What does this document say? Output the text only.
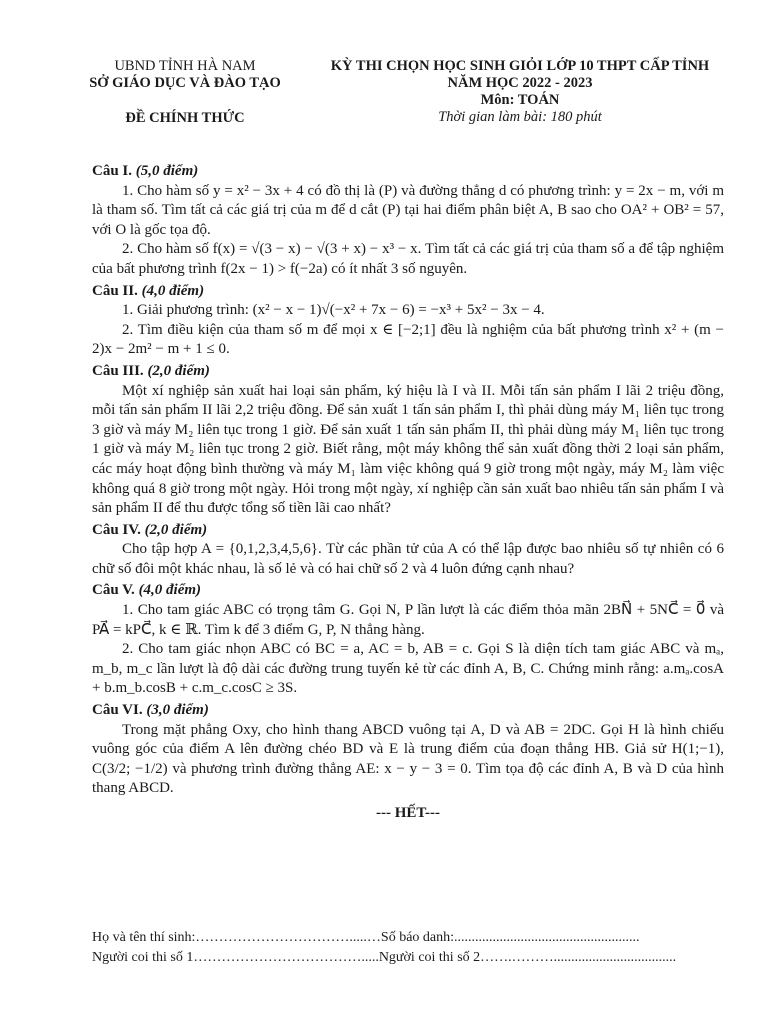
UBND TỈNH HÀ NAM
SỞ GIÁO DỤC VÀ ĐÀO TẠO
ĐỀ CHÍNH THỨC
KỲ THI CHỌN HỌC SINH GIỎI LỚP 10 THPT CẤP TỈNH
NĂM HỌC 2022 - 2023
Môn: TOÁN
Thời gian làm bài: 180 phút
Câu I. (5,0 điểm)

1. Cho hàm số y = x² − 3x + 4 có đồ thị là (P) và đường thẳng d có phương trình: y = 2x − m, với m là tham số. Tìm tất cả các giá trị của m để d cắt (P) tại hai điểm phân biệt A, B sao cho OA² + OB² = 57, với O là gốc tọa độ.

2. Cho hàm số f(x) = √(3 − x) − √(3 + x) − x³ − x. Tìm tất cả các giá trị của tham số a để tập nghiệm của bất phương trình f(2x − 1) > f(−2a) có ít nhất 3 số nguyên.

Câu II. (4,0 điểm)

1. Giải phương trình: (x² − x − 1)√(−x² + 7x − 6) = −x³ + 5x² − 3x − 4.

2. Tìm điều kiện của tham số m để mọi x ∈ [−2;1] đều là nghiệm của bất phương trình x² + (m − 2)x − 2m² − m + 1 ≤ 0.

Câu III. (2,0 điểm)

Một xí nghiệp sản xuất hai loại sản phẩm, ký hiệu là I và II. Mỗi tấn sản phẩm I lãi 2 triệu đồng, mỗi tấn sản phẩm II lãi 2,2 triệu đồng. Để sản xuất 1 tấn sản phẩm I, thì phải dùng máy M₁ liên tục trong 3 giờ và máy M₂ liên tục trong 1 giờ. Để sản xuất 1 tấn sản phẩm II, thì phải dùng máy M₁ liên tục trong 1 giờ và máy M₂ liên tục trong 2 giờ. Biết rằng, một máy không thể sản xuất đồng thời 2 loại sản phẩm, các máy hoạt động bình thường và máy M₁ làm việc không quá 9 giờ trong một ngày, máy M₂ làm việc không quá 8 giờ trong một ngày. Hỏi trong một ngày, xí nghiệp cần sản xuất bao nhiêu tấn sản phẩm I và sản phẩm II để thu được tổng số tiền lãi cao nhất?

Câu IV. (2,0 điểm)

Cho tập hợp A = {0,1,2,3,4,5,6}. Từ các phần tử của A có thể lập được bao nhiêu số tự nhiên có 6 chữ số đôi một khác nhau, là số lẻ và có hai chữ số 2 và 4 luôn đứng cạnh nhau?

Câu V. (4,0 điểm)

1. Cho tam giác ABC có trọng tâm G. Gọi N, P lần lượt là các điểm thỏa mãn 2BN⃗ + 5NC⃗ = 0⃗ và PA⃗ = kPC⃗, k ∈ ℝ. Tìm k để 3 điểm G, P, N thẳng hàng.

2. Cho tam giác nhọn ABC có BC = a, AC = b, AB = c. Gọi S là diện tích tam giác ABC và mₐ, m_b, m_c lần lượt là độ dài các đường trung tuyến kẻ từ các đỉnh A, B, C. Chứng minh rằng: a.mₐ.cosA + b.m_b.cosB + c.m_c.cosC ≥ 3S.

Câu VI. (3,0 điểm)

Trong mặt phẳng Oxy, cho hình thang ABCD vuông tại A, D và AB = 2DC. Gọi H là hình chiếu vuông góc của điểm A lên đường chéo BD và E là trung điểm của đoạn thẳng HB. Giả sử H(1;−1), C(3/2; −1/2) và phương trình đường thẳng AE: x − y − 3 = 0. Tìm tọa độ các đỉnh A, B và D của hình thang ABCD.

--- HẾT---
Họ và tên thí sinh:…………………………….....…Số báo danh:.....................................................
Người coi thi số 1……………………………….....Người coi thi số 2…….………...................................
